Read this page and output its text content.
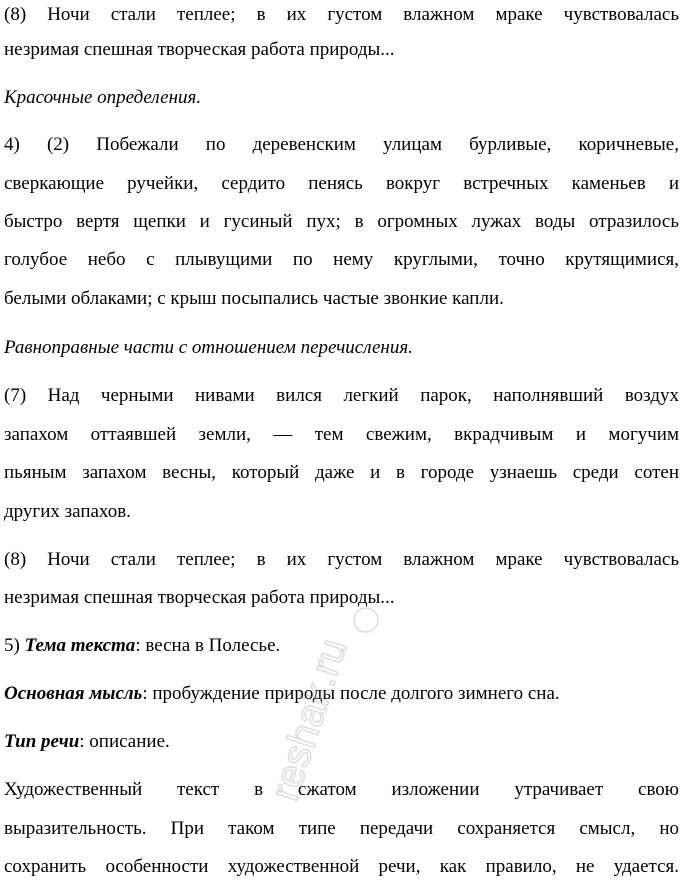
(8) Ночи стали теплее; в их густом влажном мраке чувствовалась
незримая спешная творческая работа природы...
Красочные определения.
4) (2) Побежали по деревенским улицам бурливые, коричневые,
сверкающие ручейки, сердито пенясь вокруг встречных каменьев и
быстро вертя щепки и гусиный пух; в огромных лужах воды отразилось
голубое небо с плывущими по нему круглыми, точно крутящимися,
белыми облаками; с крыш посыпались частые звонкие капли.
Равноправные части с отношением перечисления.
(7) Над черными нивами вился легкий парок, наполнявший воздух
запахом оттаявшей земли, — тем свежим, вкрадчивым и могучим
пьяным запахом весны, который даже и в городе узнаешь среди сотен
других запахов.
(8) Ночи стали теплее; в их густом влажном мраке чувствовалась
незримая спешная творческая работа природы...
5) Тема текста: весна в Полесье.
Основная мысль: пробуждение природы после долгого зимнего сна.
Тип речи: описание.
Художественный текст в сжатом изложении утрачивает свою
выразительность. При таком типе передачи сохраняется смысл, но
сохранить особенности художественной речи, как правило, не удается.
reshak.ru
